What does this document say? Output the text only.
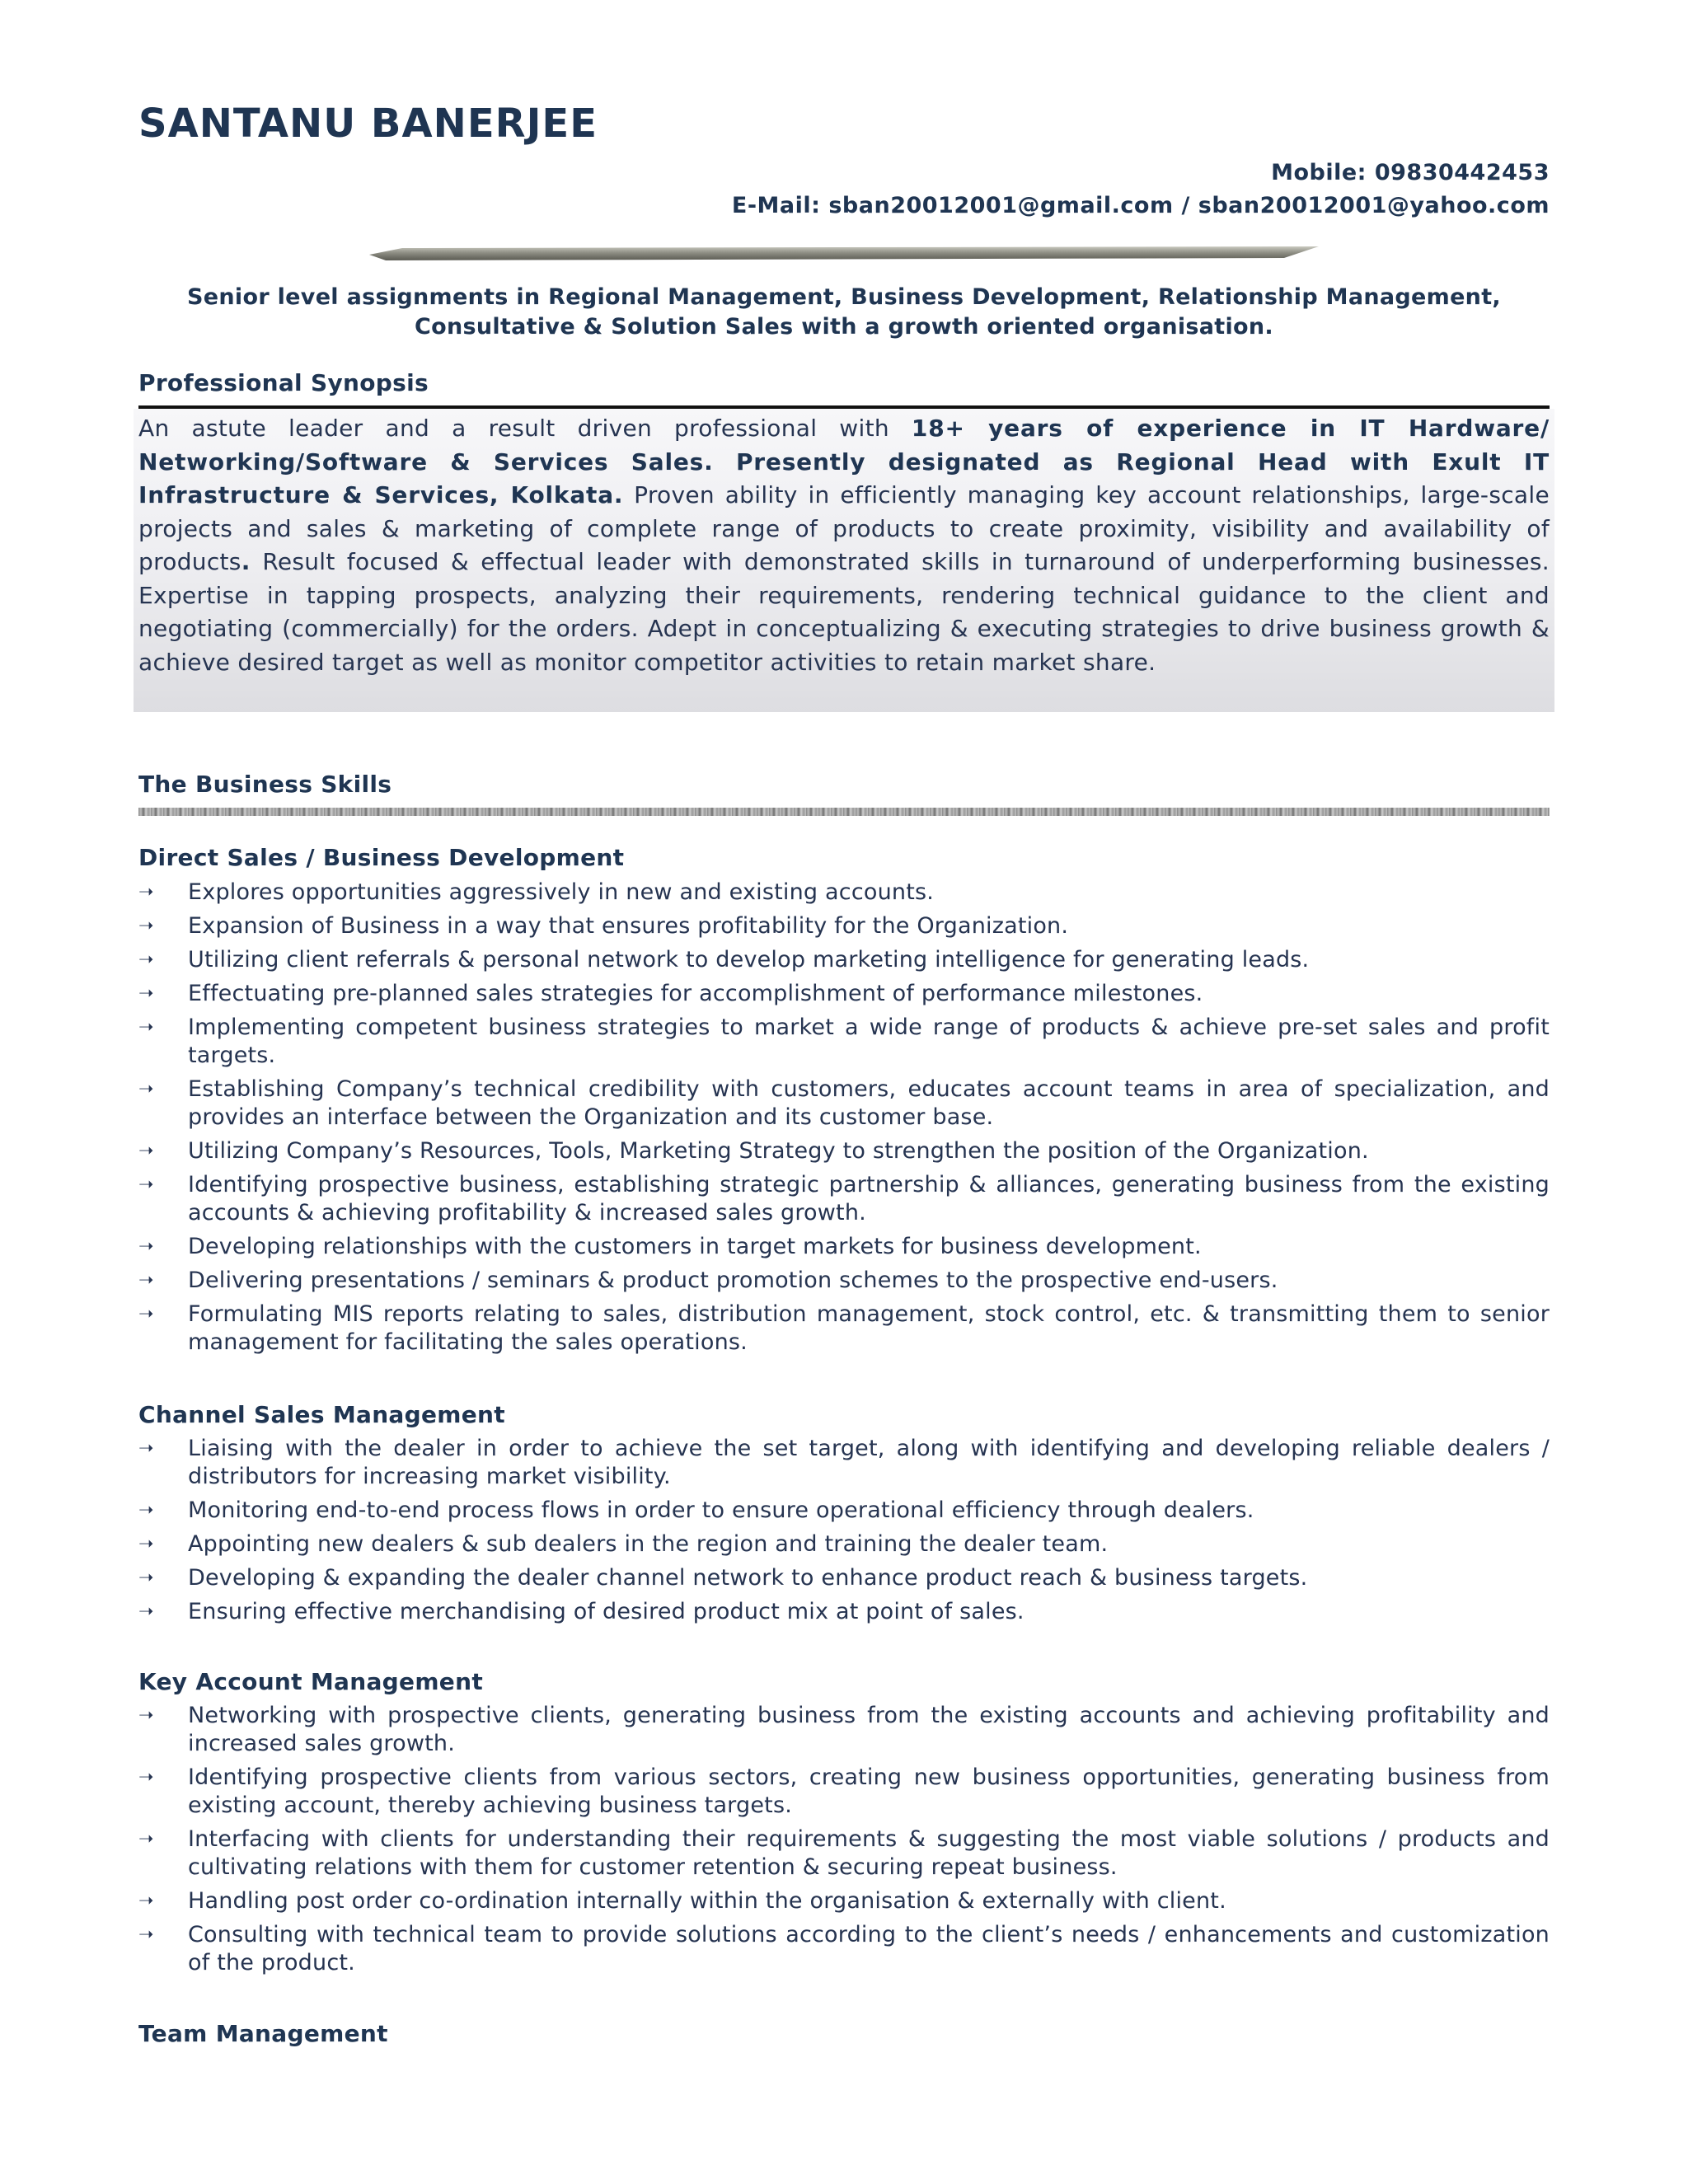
SANTANU BANERJEE
Mobile: 09830442453
E-Mail: sban20012001@gmail.com / sban20012001@yahoo.com
Senior level assignments in Regional Management, Business Development, Relationship Management,
Consultative & Solution Sales with a growth oriented organisation.
Professional Synopsis
An astute leader and a result driven professional with 18+ years of experience in IT Hardware/ Networking/Software & Services Sales. Presently designated as Regional Head with Exult IT Infrastructure & Services, Kolkata. Proven ability in efficiently managing key account relationships, large-scale projects and sales & marketing of complete range of products to create proximity, visibility and availability of products. Result focused & effectual leader with demonstrated skills in turnaround of underperforming businesses. Expertise in tapping prospects, analyzing their requirements, rendering technical guidance to the client and negotiating (commercially) for the orders. Adept in conceptualizing & executing strategies to drive business growth & achieve desired target as well as monitor competitor activities to retain market share.
The Business Skills
Direct Sales / Business Development
➝ Explores opportunities aggressively in new and existing accounts.
➝ Expansion of Business in a way that ensures profitability for the Organization.
➝ Utilizing client referrals & personal network to develop marketing intelligence for generating leads.
➝ Effectuating pre-planned sales strategies for accomplishment of performance milestones.
➝ Implementing competent business strategies to market a wide range of products & achieve pre-set sales and profit targets.
➝ Establishing Company’s technical credibility with customers, educates account teams in area of specialization, and provides an interface between the Organization and its customer base.
➝ Utilizing Company’s Resources, Tools, Marketing Strategy to strengthen the position of the Organization.
➝ Identifying prospective business, establishing strategic partnership & alliances, generating business from the existing accounts & achieving profitability & increased sales growth.
➝ Developing relationships with the customers in target markets for business development.
➝ Delivering presentations / seminars & product promotion schemes to the prospective end-users.
➝ Formulating MIS reports relating to sales, distribution management, stock control, etc. & transmitting them to senior management for facilitating the sales operations.
Channel Sales Management
➝ Liaising with the dealer in order to achieve the set target, along with identifying and developing reliable dealers / distributors for increasing market visibility.
➝ Monitoring end-to-end process flows in order to ensure operational efficiency through dealers.
➝ Appointing new dealers & sub dealers in the region and training the dealer team.
➝ Developing & expanding the dealer channel network to enhance product reach & business targets.
➝ Ensuring effective merchandising of desired product mix at point of sales.
Key Account Management
➝ Networking with prospective clients, generating business from the existing accounts and achieving profitability and increased sales growth.
➝ Identifying prospective clients from various sectors, creating new business opportunities, generating business from existing account, thereby achieving business targets.
➝ Interfacing with clients for understanding their requirements & suggesting the most viable solutions / products and cultivating relations with them for customer retention & securing repeat business.
➝ Handling post order co-ordination internally within the organisation & externally with client.
➝ Consulting with technical team to provide solutions according to the client’s needs / enhancements and customization of the product.
Team Management
